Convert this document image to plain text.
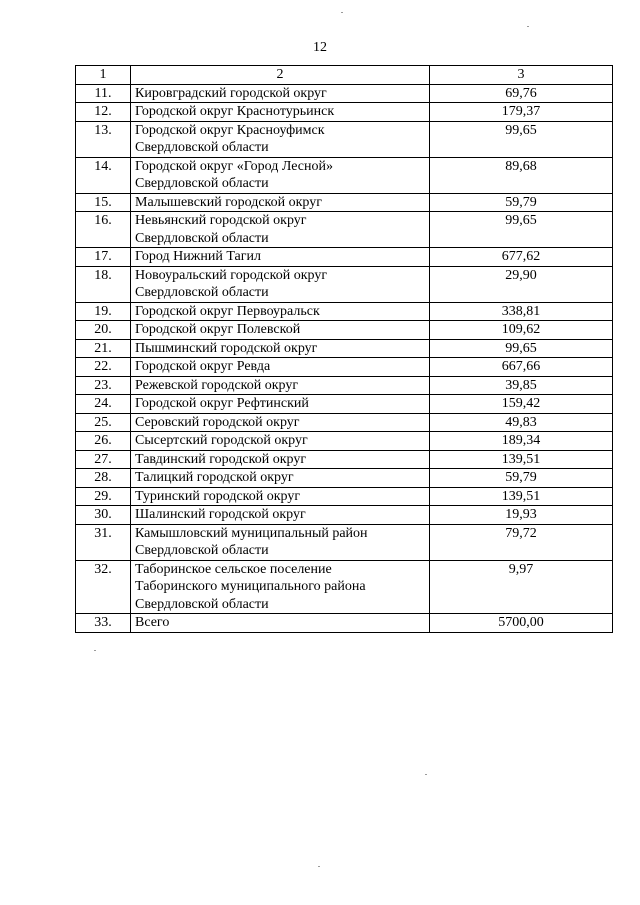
12
1	2	3
11.	Кировградский городской округ	69,76
12.	Городской округ Краснотурьинск	179,37
13.	Городской округ Красноуфимск
Свердловской области	99,65
14.	Городской округ «Город Лесной»
Свердловской области	89,68
15.	Малышевский городской округ	59,79
16.	Невьянский городской округ
Свердловской области	99,65
17.	Город Нижний Тагил	677,62
18.	Новоуральский городской округ
Свердловской области	29,90
19.	Городской округ Первоуральск	338,81
20.	Городской округ Полевской	109,62
21.	Пышминский городской округ	99,65
22.	Городской округ Ревда	667,66
23.	Режевской городской округ	39,85
24.	Городской округ Рефтинский	159,42
25.	Серовский городской округ	49,83
26.	Сысертский городской округ	189,34
27.	Тавдинский городской округ	139,51
28.	Талицкий городской округ	59,79
29.	Туринский городской округ	139,51
30.	Шалинский городской округ	19,93
31.	Камышловский муниципальный район
Свердловской области	79,72
32.	Таборинское сельское поселение
Таборинского муниципального района
Свердловской области	9,97
33.	Всего	5700,00
